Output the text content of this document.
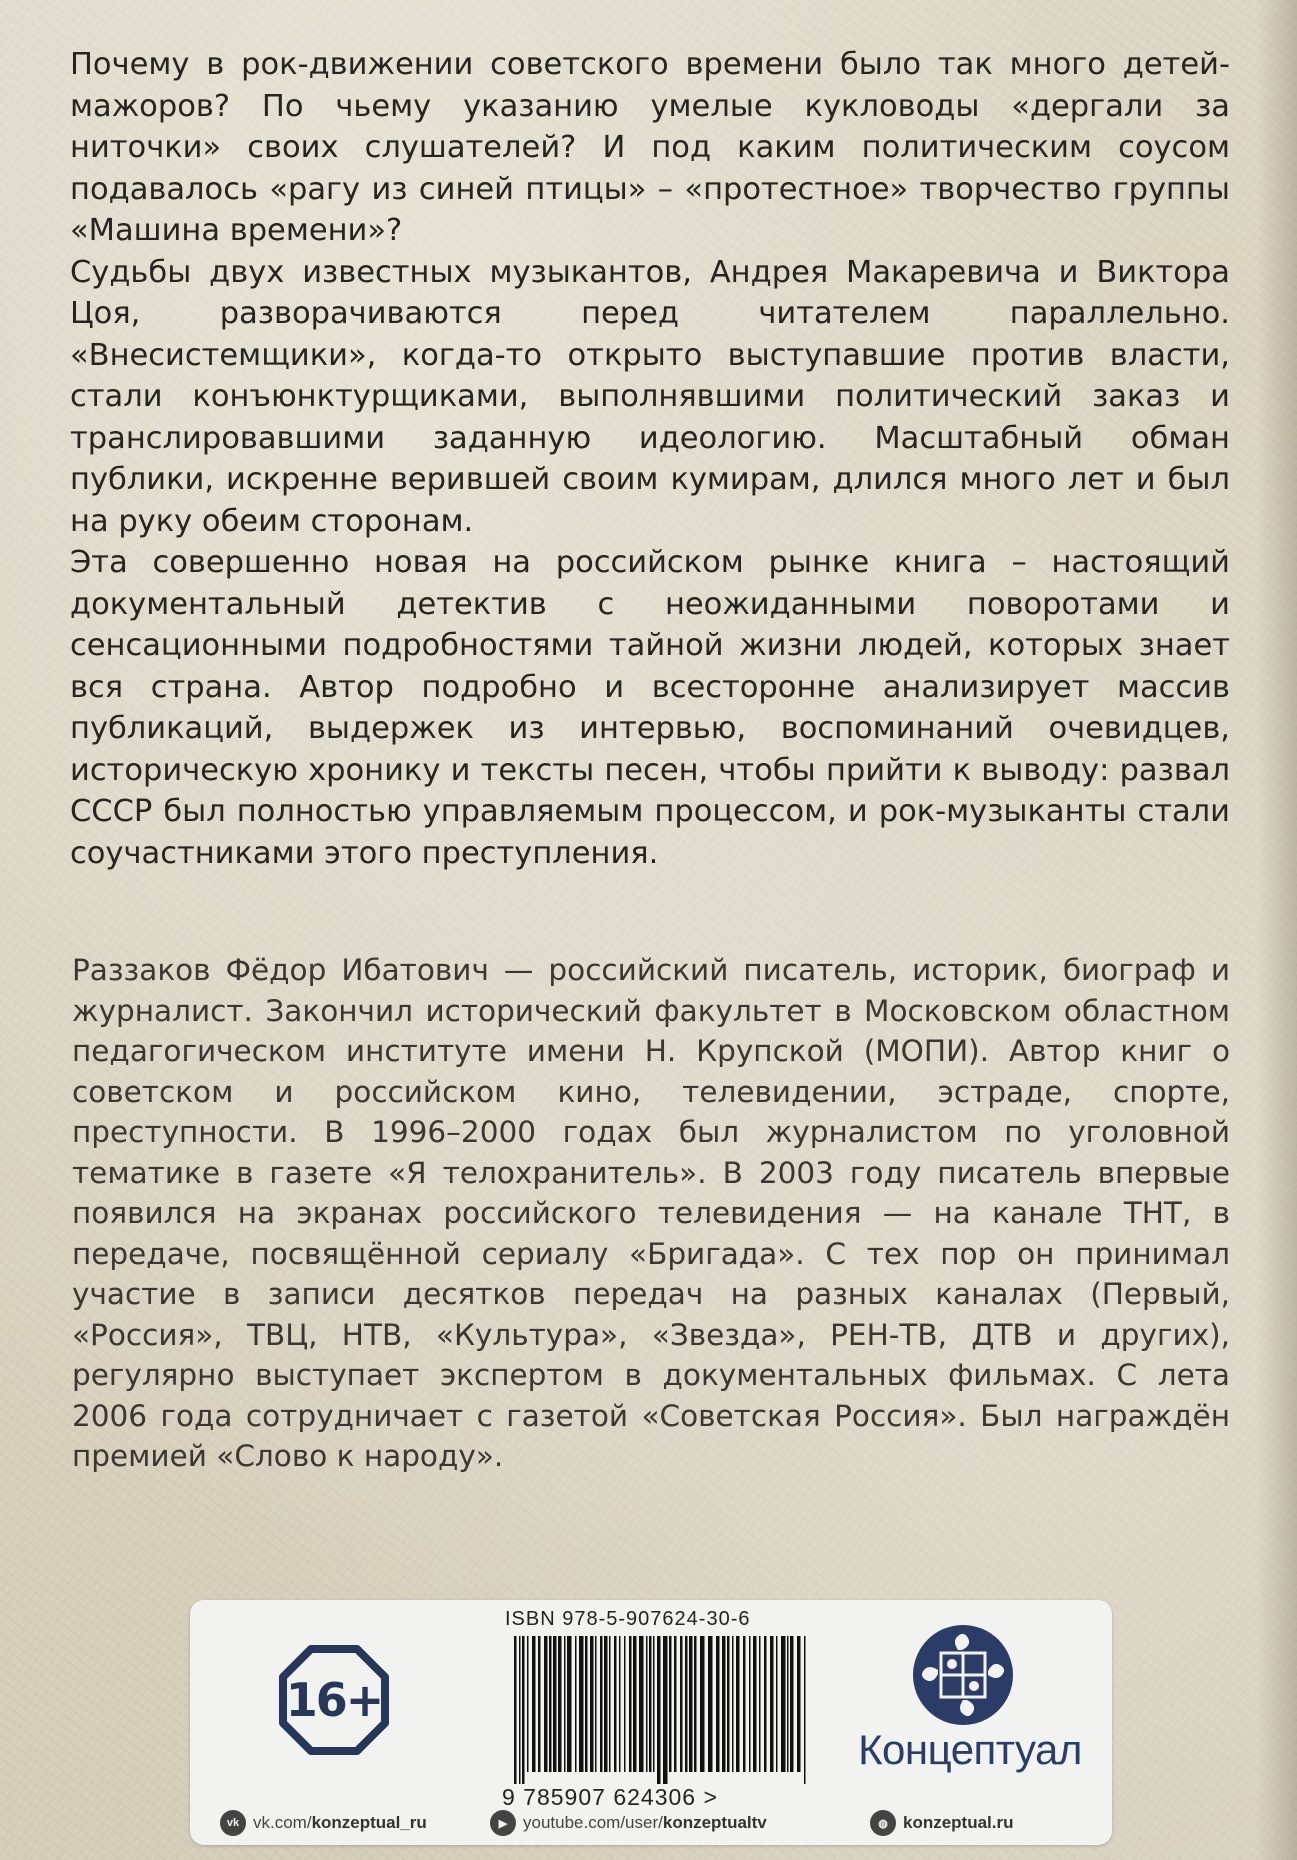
Почему в рок-движении советского времени было так много детей-мажоров? По чьему указанию умелые кукловоды «дергали за ниточки» своих слушателей? И под каким политическим соусом подавалось «рагу из синей птицы» – «протестное» творчество группы «Машина времени»?

Судьбы двух известных музыкантов, Андрея Макаревича и Виктора Цоя, разворачиваются перед читателем параллельно. «Внесистемщики», когда-то открыто выступавшие против власти, стали конъюнктурщиками, выполнявшими политический заказ и транслировавшими заданную идеологию. Масштабный обман публики, искренне верившей своим кумирам, длился много лет и был на руку обеим сторонам.

Эта совершенно новая на российском рынке книга – настоящий документальный детектив с неожиданными поворотами и сенсационными подробностями тайной жизни людей, которых знает вся страна. Автор подробно и всесторонне анализирует массив публикаций, выдержек из интервью, воспоминаний очевидцев, историческую хронику и тексты песен, чтобы прийти к выводу: развал СССР был полностью управляемым процессом, и рок-музыканты стали соучастниками этого преступления.

Раззаков Фёдор Ибатович — российский писатель, историк, биограф и журналист. Закончил исторический факультет в Московском областном педагогическом институте имени Н. Крупской (МОПИ). Автор книг о советском и российском кино, телевидении, эстраде, спорте, преступности. В 1996–2000 годах был журналистом по уголовной тематике в газете «Я телохранитель». В 2003 году писатель впервые появился на экранах российского телевидения — на канале ТНТ, в передаче, посвящённой сериалу «Бригада». С тех пор он принимал участие в записи десятков передач на разных каналах (Первый, «Россия», ТВЦ, НТВ, «Культура», «Звезда», РЕН-ТВ, ДТВ и других), регулярно выступает экспертом в документальных фильмах. С лета 2006 года сотрудничает с газетой «Советская Россия». Был награждён премией «Слово к народу».

16+
ISBN 978-5-907624-30-6
9 785907 624306 >
Концептуал
vk vk.com/ konzeptual_ru	▶ youtube.com/user/ konzeptualtv	◍ konzeptual.ru
